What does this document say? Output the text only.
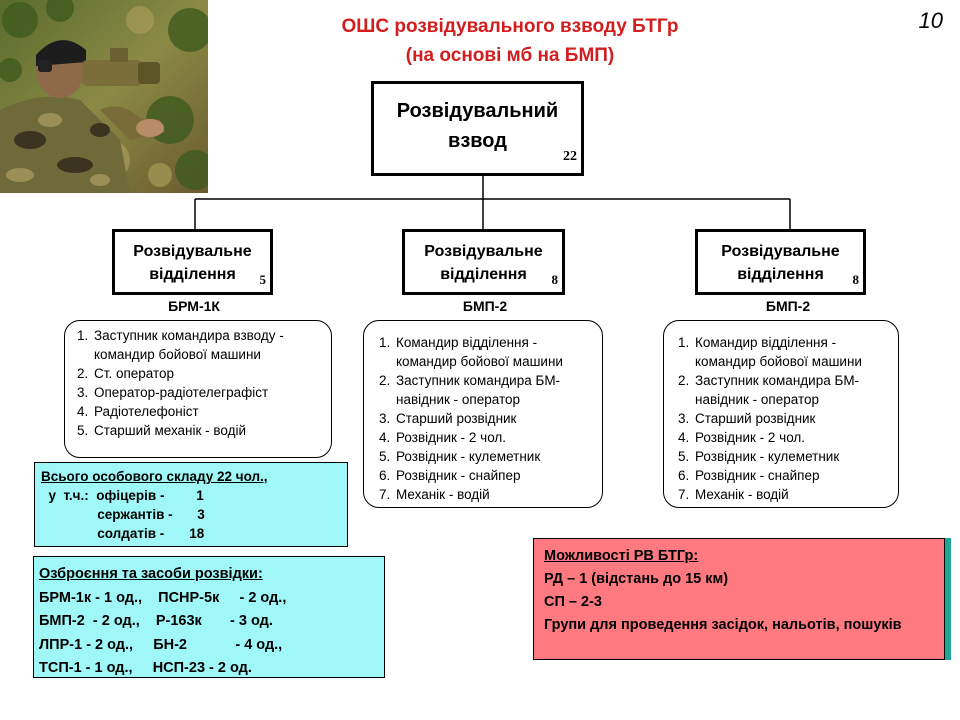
ОШС розвідувального взводу БТГр
(на основі мб на БМП)
10
Розвідувальний взвод
22
Розвідувальне відділення	5
Розвідувальне відділення	8
Розвідувальне відділення	8
БРМ-1К	БМП-2	БМП-2
1. Заступник командира взводу -
командир бойової машини
2. Ст. оператор
3. Оператор-радіотелеграфіст
4. Радіотелефоніст
5. Старший механік - водій
1. Командир відділення -
командир бойової машини
2. Заступник командира БМ-
навідник - оператор
3. Старший розвідник
4. Розвідник - 2 чол.
5. Розвідник - кулеметник
6. Розвідник - снайпер
7. Механік - водій
1. Командир відділення -
командир бойової машини
2. Заступник командира БМ-
навідник - оператор
3. Старший розвідник
4. Розвідник - 2 чол.
5. Розвідник - кулеметник
6. Розвідник - снайпер
7. Механік - водій
Всього особового складу 22 чол.,
у  т.ч.: офіцерів -	1

сержантів -	3

солдатів -	18
Озброєння та засоби розвідки:
БРМ-1к - 1 од.,    ПСНР-5к     - 2 од.,
БМП-2  - 2 од.,    Р-163к       - 3 од.
ЛПР-1 - 2 од.,     БН-2            - 4 од.,
ТСП-1 - 1 од.,     НСП-23 - 2 од.
Можливості РВ БТГр:
РД – 1 (відстань до 15 км)
СП – 2-3
Групи для проведення засідок, нальотів, пошуків
